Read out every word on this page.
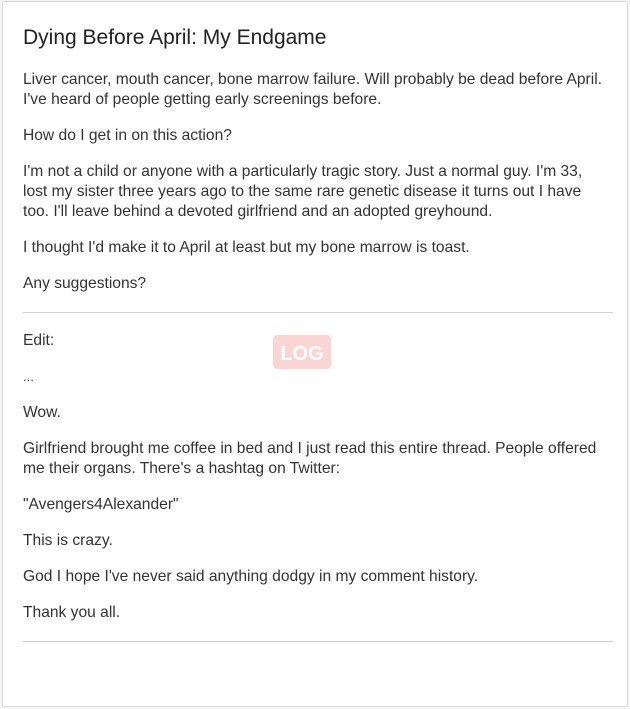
Dying Before April: My Endgame

Liver cancer, mouth cancer, bone marrow failure. Will probably be dead before April. I've heard of people getting early screenings before.

How do I get in on this action?

I'm not a child or anyone with a particularly tragic story. Just a normal guy. I'm 33, lost my sister three years ago to the same rare genetic disease it turns out I have too. I'll leave behind a devoted girlfriend and an adopted greyhound.

I thought I'd make it to April at least but my bone marrow is toast.

Any suggestions?

Edit:

...

Wow.

Girlfriend brought me coffee in bed and I just read this entire thread. People offered me their organs. There's a hashtag on Twitter:

"Avengers4Alexander"

This is crazy.

God I hope I've never said anything dodgy in my comment history.

Thank you all.

LOG
